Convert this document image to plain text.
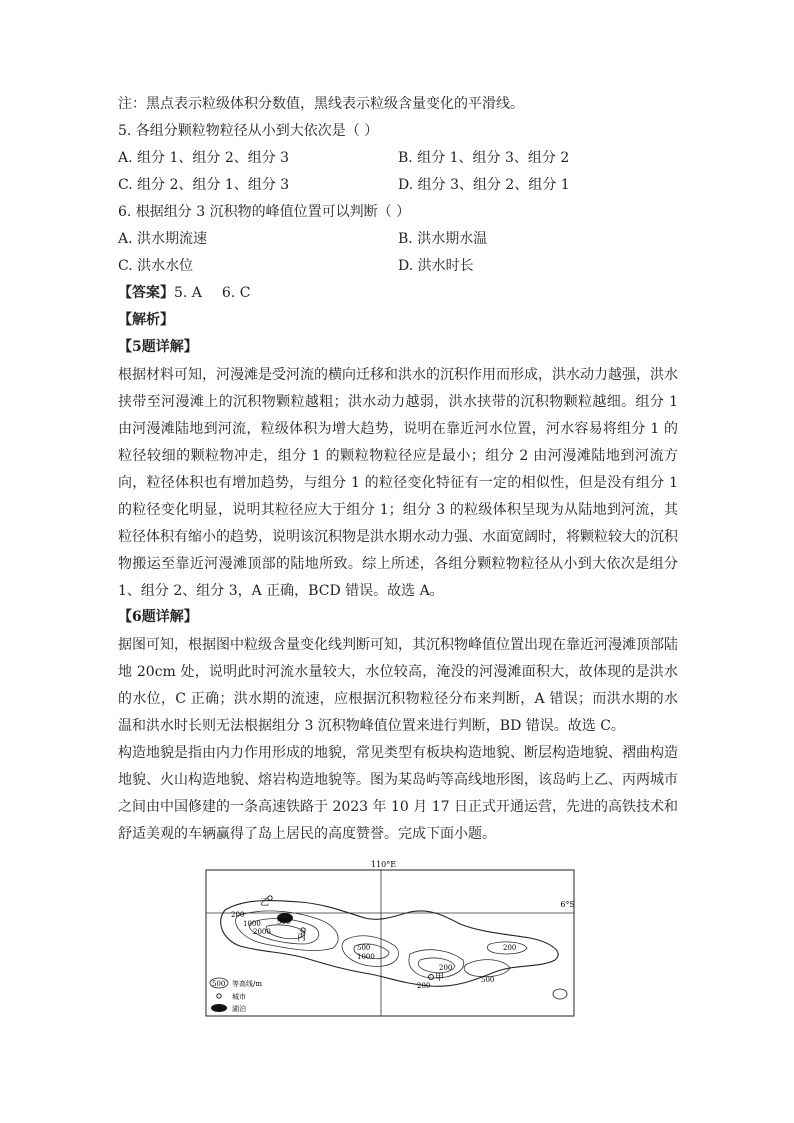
注：黑点表示粒级体积分数值，黑线表示粒级含量变化的平滑线。
5. 各组分颗粒物粒径从小到大依次是（ ）
A. 组分 1、组分 2、组分 3	B. 组分 1、组分 3、组分 2
C. 组分 2、组分 1、组分 3	D. 组分 3、组分 2、组分 1
6. 根据组分 3 沉积物的峰值位置可以判断（ ）
A. 洪水期流速	B. 洪水期水温
C. 洪水水位	D. 洪水时长
【答案】5. A 6. C
【解析】
【5题详解】
根据材料可知，河漫滩是受河流的横向迁移和洪水的沉积作用而形成，洪水动力越强，洪水挟带至河漫滩上的沉积物颗粒越粗；洪水动力越弱，洪水挟带的沉积物颗粒越细。组分 1 由河漫滩陆地到河流，粒级体积为增大趋势，说明在靠近河水位置，河水容易将组分 1 的粒径较细的颗粒物冲走，组分 1 的颗粒物粒径应是最小；组分 2 由河漫滩陆地到河流方向，粒径体积也有增加趋势，与组分 1 的粒径变化特征有一定的相似性，但是没有组分 1 的粒径变化明显，说明其粒径应大于组分 1；组分 3 的粒级体积呈现为从陆地到河流，其粒径体积有缩小的趋势，说明该沉积物是洪水期水动力强、水面宽阔时，将颗粒较大的沉积物搬运至靠近河漫滩顶部的陆地所致。综上所述，各组分颗粒物粒径从小到大依次是组分 1、组分 2、组分 3，A 正确，BCD 错误。故选 A。
【6题详解】
据图可知，根据图中粒级含量变化线判断可知，其沉积物峰值位置出现在靠近河漫滩顶部陆地 20cm 处，说明此时河流水量较大，水位较高，淹没的河漫滩面积大，故体现的是洪水的水位，C 正确；洪水期的流速，应根据沉积物粒径分布来判断，A 错误；而洪水期的水温和洪水时长则无法根据组分 3 沉积物峰值位置来进行判断，BD 错误。故选 C。
构造地貌是指由内力作用形成的地貌，常见类型有板块构造地貌、断层构造地貌、褶曲构造地貌、火山构造地貌、熔岩构造地貌等。图为某岛屿等高线地形图，该岛屿上乙、丙两城市之间由中国修建的一条高速铁路于 2023 年 10 月 17 日正式开通运营，先进的高铁技术和舒适美观的车辆赢得了岛上居民的高度赞誉。完成下面小题。
110°E
6°S
乙
丙
甲
200
500
1000
2000
500
1000
200
200
500
200
500 等高线/m
城市
湖泊
